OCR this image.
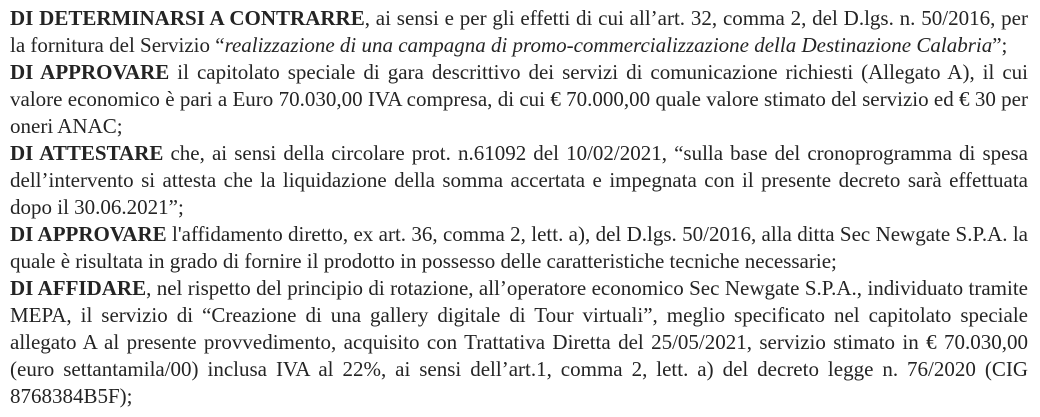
DI DETERMINARSI A CONTRARRE, ai sensi e per gli effetti di cui all’art. 32, comma 2, del D.lgs. n. 50/2016, per la fornitura del Servizio “realizzazione di una campagna di promo-commercializzazione della Destinazione Calabria”;

DI APPROVARE il capitolato speciale di gara descrittivo dei servizi di comunicazione richiesti (Allegato A), il cui valore economico è pari a Euro 70.030,00 IVA compresa, di cui € 70.000,00 quale valore stimato del servizio ed € 30 per oneri ANAC;

DI ATTESTARE che, ai sensi della circolare prot. n.61092 del 10/02/2021, “sulla base del cronoprogramma di spesa dell’intervento si attesta che la liquidazione della somma accertata e impegnata con il presente decreto sarà effettuata dopo il 30.06.2021”;

DI APPROVARE l'affidamento diretto, ex art. 36, comma 2, lett. a), del D.lgs. 50/2016, alla ditta Sec Newgate S.P.A. la quale è risultata in grado di fornire il prodotto in possesso delle caratteristiche tecniche necessarie;

DI AFFIDARE, nel rispetto del principio di rotazione, all’operatore economico Sec Newgate S.P.A., individuato tramite MEPA, il servizio di “Creazione di una gallery digitale di Tour virtuali”, meglio specificato nel capitolato speciale allegato A al presente provvedimento, acquisito con Trattativa Diretta del 25/05/2021, servizio stimato in € 70.030,00 (euro settantamila/00) inclusa IVA al 22%, ai sensi dell’art.1, comma 2, lett. a) del decreto legge n. 76/2020 (CIG 8768384B5F);
